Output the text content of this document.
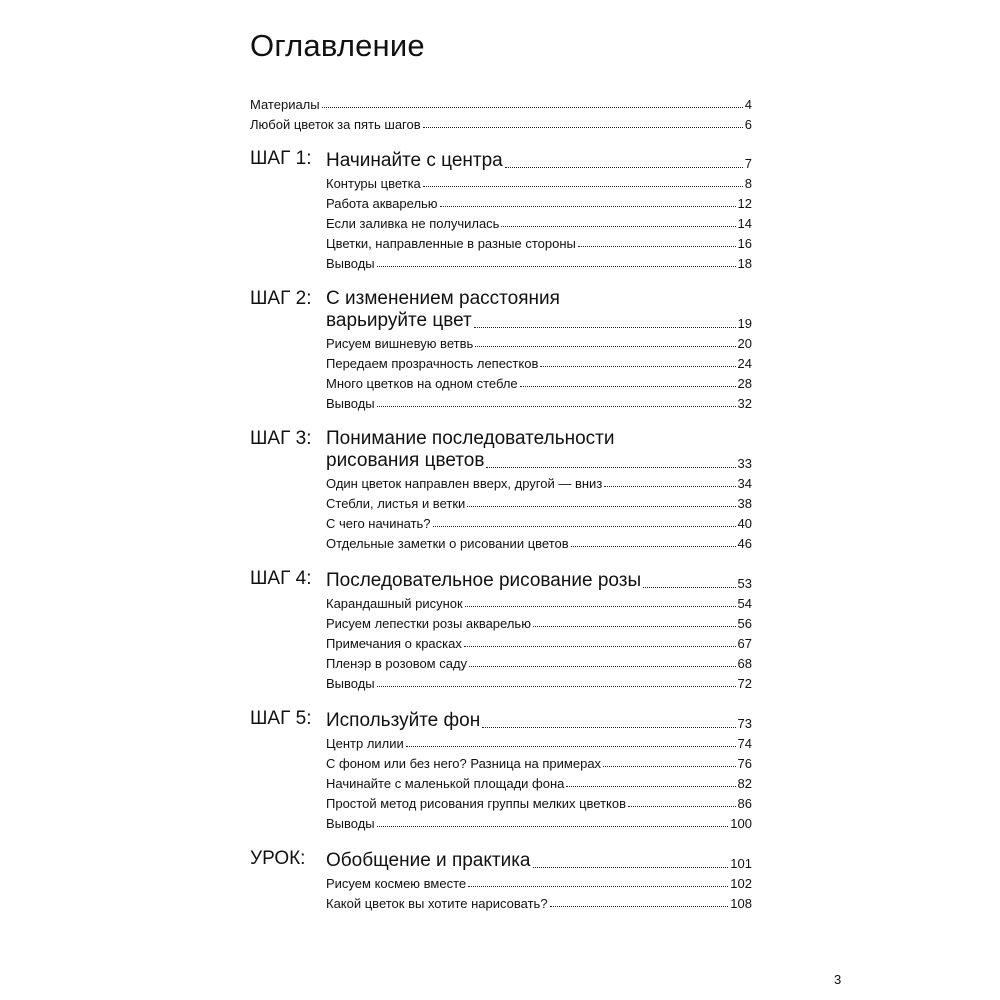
Оглавление
Материалы	4
Любой цветок за пять шагов	6
ШАГ 1: Начинайте с центра	7
Контуры цветка	8
Работа акварелью	12
Если заливка не получилась	14
Цветки, направленные в разные стороны	16
Выводы	18
ШАГ 2: С изменением расстояния
варьируйте цвет	19
Рисуем вишневую ветвь	20
Передаем прозрачность лепестков	24
Много цветков на одном стебле	28
Выводы	32
ШАГ 3: Понимание последовательности
рисования цветов	33
Один цветок направлен вверх, другой — вниз	34
Стебли, листья и ветки	38
С чего начинать?	40
Отдельные заметки о рисовании цветов	46
ШАГ 4: Последовательное рисование розы	53
Карандашный рисунок	54
Рисуем лепестки розы акварелью	56
Примечания о красках	67
Пленэр в розовом саду	68
Выводы	72
ШАГ 5: Используйте фон	73
Центр лилии	74
С фоном или без него? Разница на примерах	76
Начинайте с маленькой площади фона	82
Простой метод рисования группы мелких цветков	86
Выводы	100
УРОК: Обобщение и практика	101
Рисуем космею вместе	102
Какой цветок вы хотите нарисовать?	108
3
